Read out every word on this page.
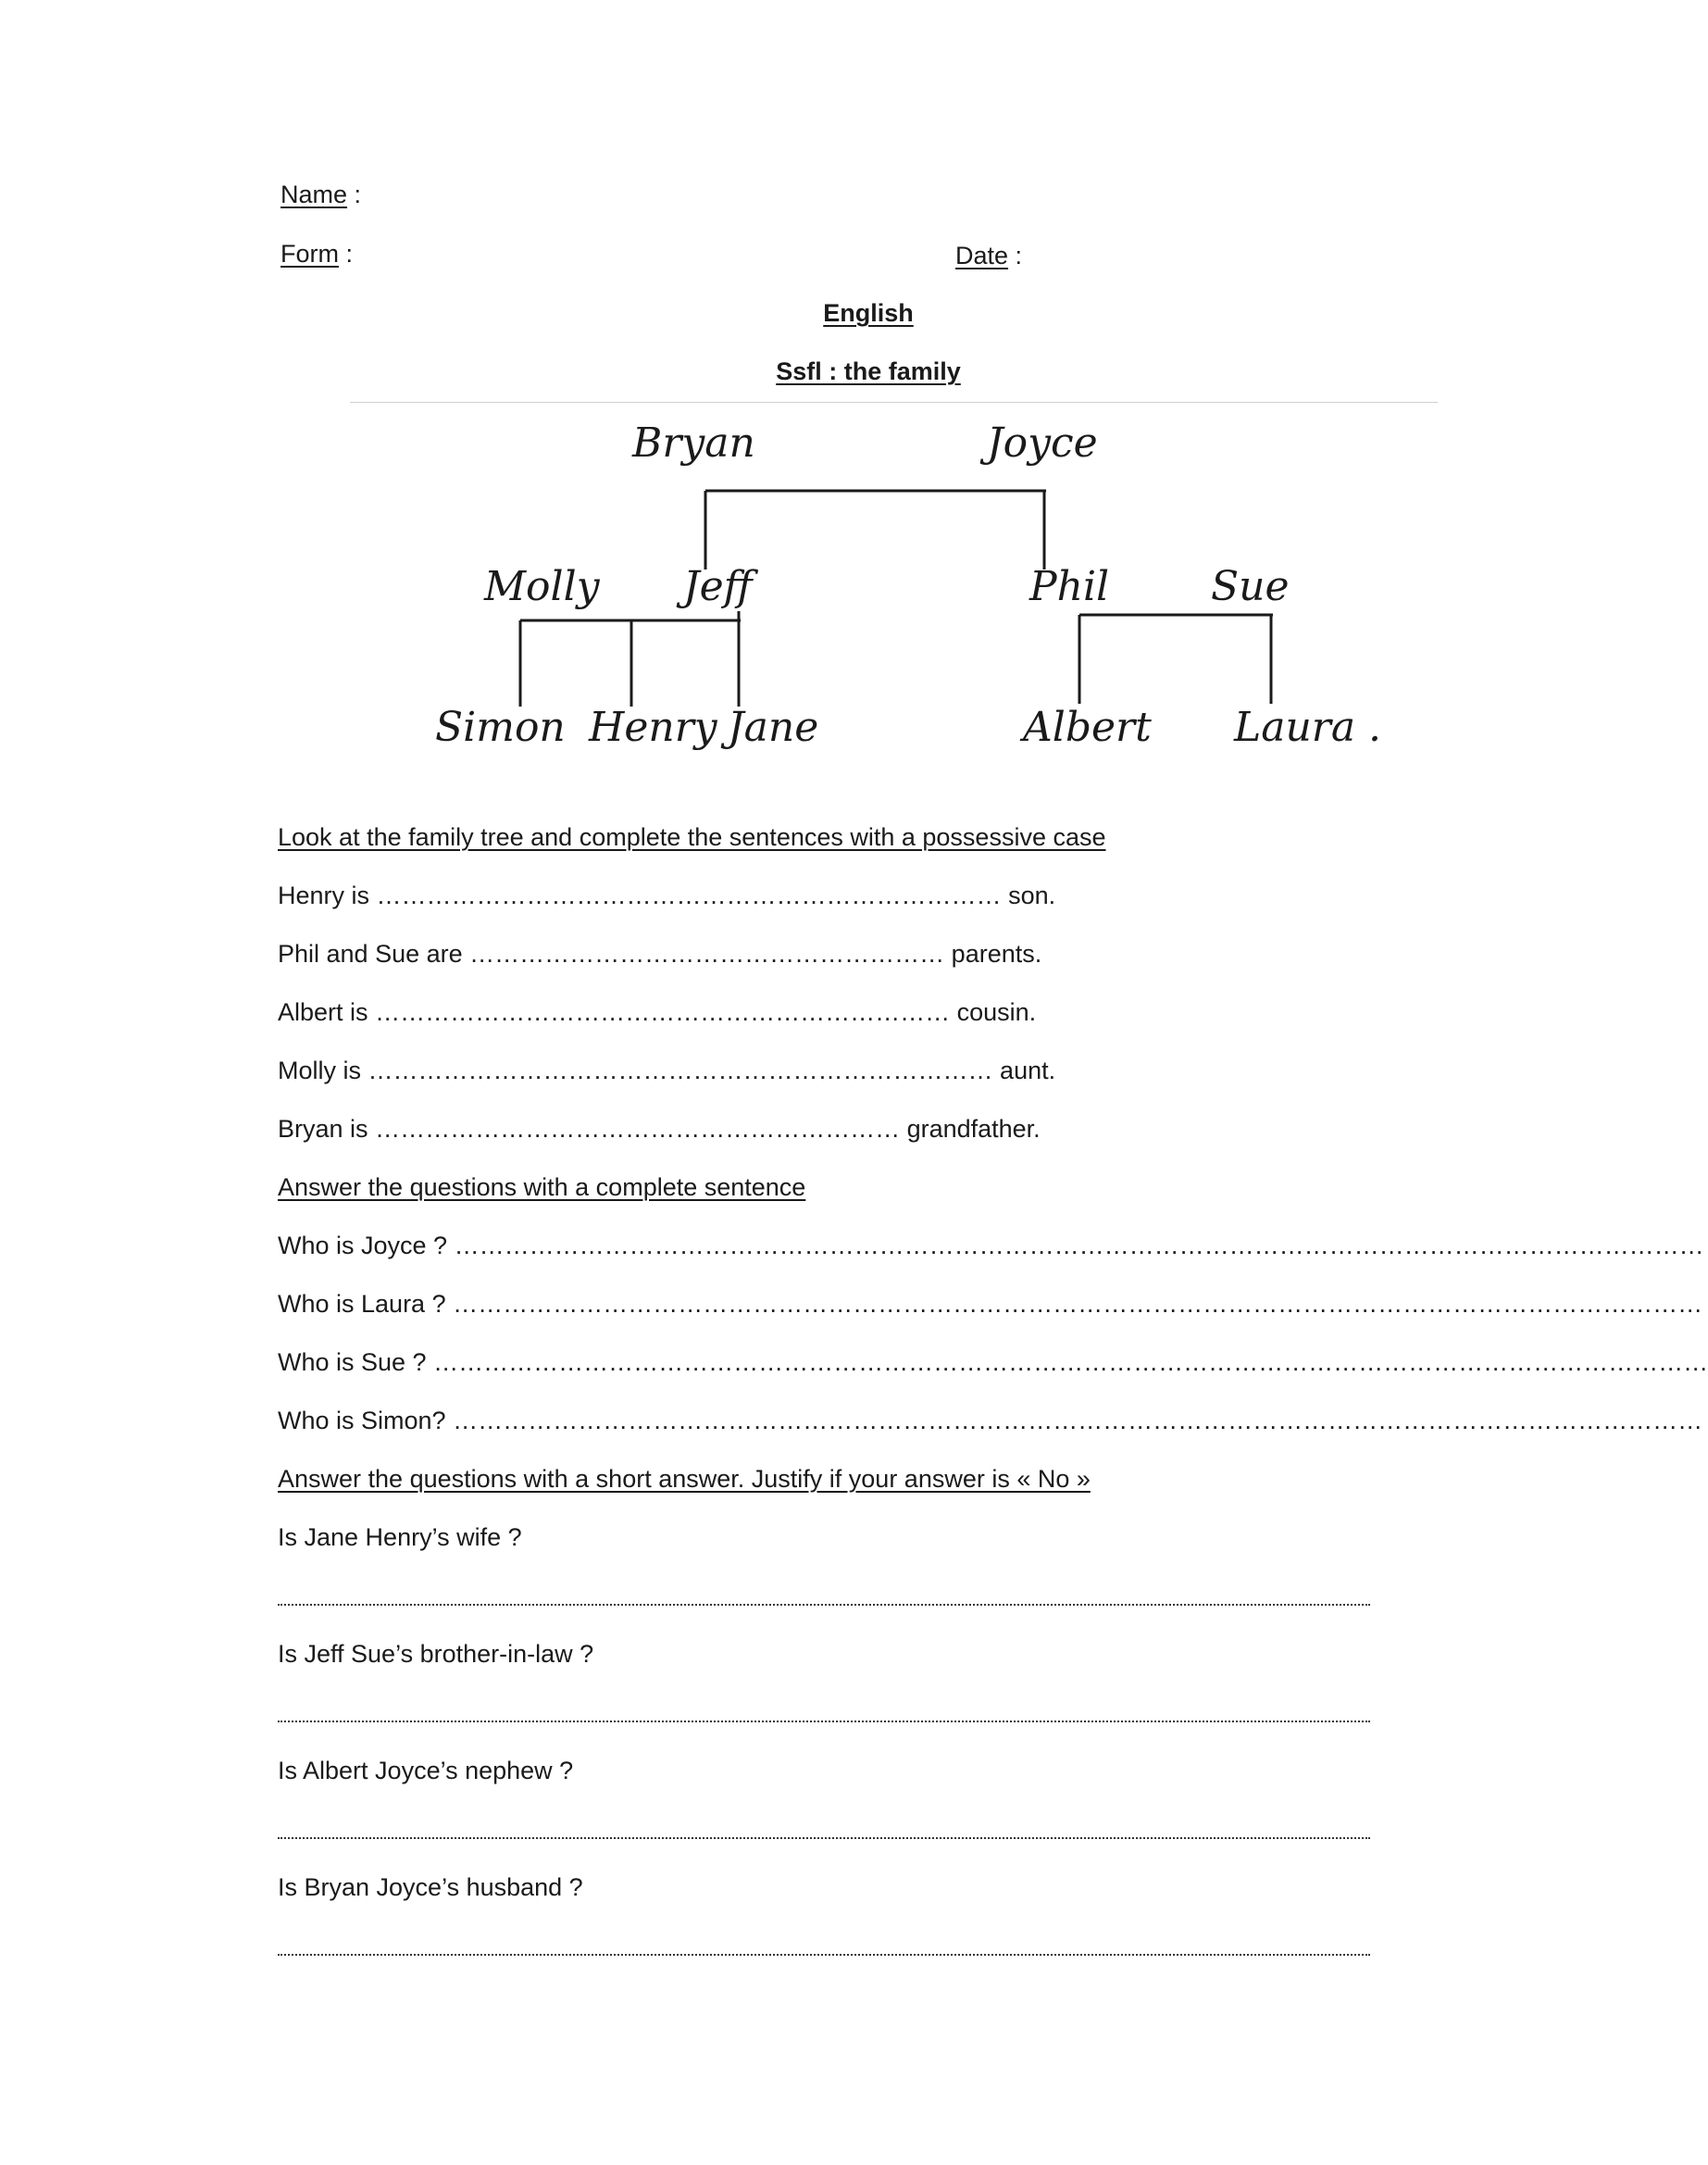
Name :
Form :	Date :
English
Ssfl : the family
Bryan	Joyce
Molly Jeff	Phil Sue
Simon Henry Jane	Albert Laura .
Look at the family tree and complete the sentences with a possessive case
Henry is ………………………………………………………………… son.
Phil and Sue are ………………………………………………… parents.
Albert is …………………………………………………………… cousin.
Molly is ………………………………………………………………… aunt.
Bryan is ……………………………………………………… grandfather.
Answer the questions with a complete sentence
Who is Joyce ? ……………………………………………………………………………………………………………………………………
Who is Laura ? ……………………………………………………………………………………………………………………………………
Who is Sue ? ………………………………………………………………………………………………………………………………………
Who is Simon? ……………………………………………………………………………………………………………………………………
Answer the questions with a short answer. Justify if your answer is « No »
Is Jane Henry’s wife ?
Is Jeff Sue’s brother-in-law ?
Is Albert Joyce’s nephew ?
Is Bryan Joyce’s husband ?
